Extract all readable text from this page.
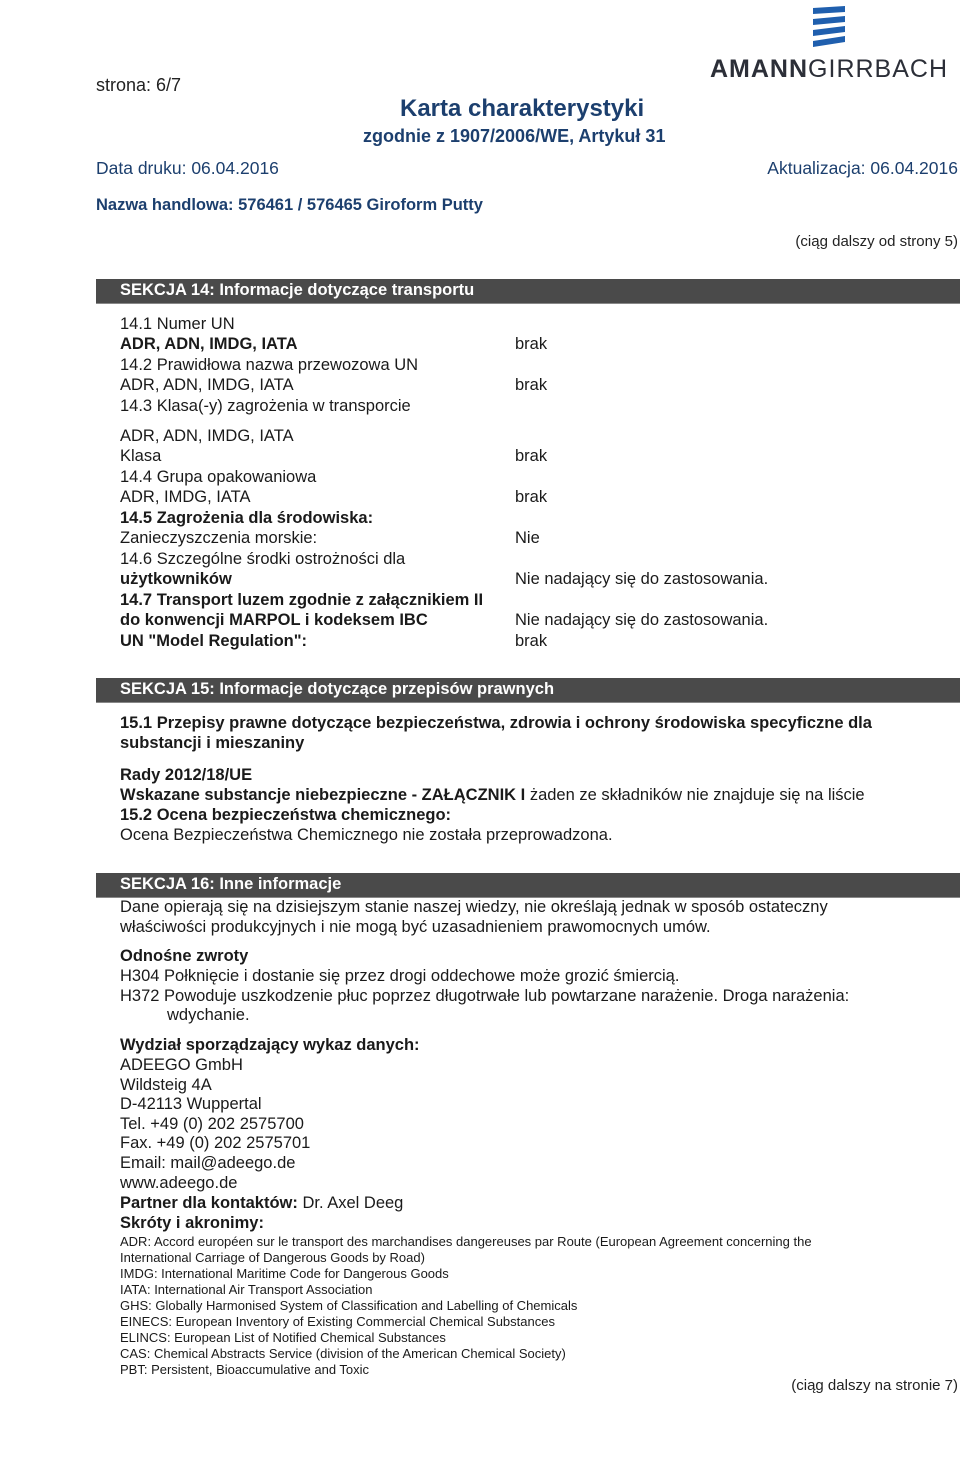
strona: 6/7
AMANNGIRRBACH
Karta charakterystyki
zgodnie z 1907/2006/WE, Artykuł 31
Data druku: 06.04.2016	Aktualizacja: 06.04.2016
Nazwa handlowa: 576461 / 576465 Giroform Putty
(ciąg dalszy od strony 5)
SEKCJA 14: Informacje dotyczące transportu
14.1 Numer UN
ADR, ADN, IMDG, IATA	brak
14.2 Prawidłowa nazwa przewozowa UN
ADR, ADN, IMDG, IATA	brak
14.3 Klasa(-y) zagrożenia w transporcie
ADR, ADN, IMDG, IATA
Klasa	brak
14.4 Grupa opakowaniowa
ADR, IMDG, IATA	brak
14.5 Zagrożenia dla środowiska:
Zanieczyszczenia morskie:	Nie
14.6 Szczególne środki ostrożności dla
użytkowników	Nie nadający się do zastosowania.
14.7 Transport luzem zgodnie z załącznikiem II
do konwencji MARPOL i kodeksem IBC	Nie nadający się do zastosowania.
UN "Model Regulation":	brak
SEKCJA 15: Informacje dotyczące przepisów prawnych
15.1 Przepisy prawne dotyczące bezpieczeństwa, zdrowia i ochrony środowiska specyficzne dla
substancji i mieszaniny
Rady 2012/18/UE
Wskazane substancje niebezpieczne - ZAŁĄCZNIK I żaden ze składników nie znajduje się na liście
15.2 Ocena bezpieczeństwa chemicznego:
Ocena Bezpieczeństwa Chemicznego nie została przeprowadzona.
SEKCJA 16: Inne informacje
Dane opierają się na dzisiejszym stanie naszej wiedzy, nie określają jednak w sposób ostateczny
właściwości produkcyjnych i nie mogą być uzasadnieniem prawomocnych umów.
Odnośne zwroty
H304 Połknięcie i dostanie się przez drogi oddechowe może grozić śmiercią.
H372 Powoduje uszkodzenie płuc poprzez długotrwałe lub powtarzane narażenie. Droga narażenia:
wdychanie.
Wydział sporządzający wykaz danych:
ADEEGO GmbH
Wildsteig 4A
D-42113 Wuppertal
Tel. +49 (0) 202 2575700
Fax. +49 (0) 202 2575701
Email: mail@adeego.de
www.adeego.de
Partner dla kontaktów: Dr. Axel Deeg
Skróty i akronimy:
ADR: Accord européen sur le transport des marchandises dangereuses par Route (European Agreement concerning the
International Carriage of Dangerous Goods by Road)
IMDG: International Maritime Code for Dangerous Goods
IATA: International Air Transport Association
GHS: Globally Harmonised System of Classification and Labelling of Chemicals
EINECS: European Inventory of Existing Commercial Chemical Substances
ELINCS: European List of Notified Chemical Substances
CAS: Chemical Abstracts Service (division of the American Chemical Society)
PBT: Persistent, Bioaccumulative and Toxic
(ciąg dalszy na stronie 7)
